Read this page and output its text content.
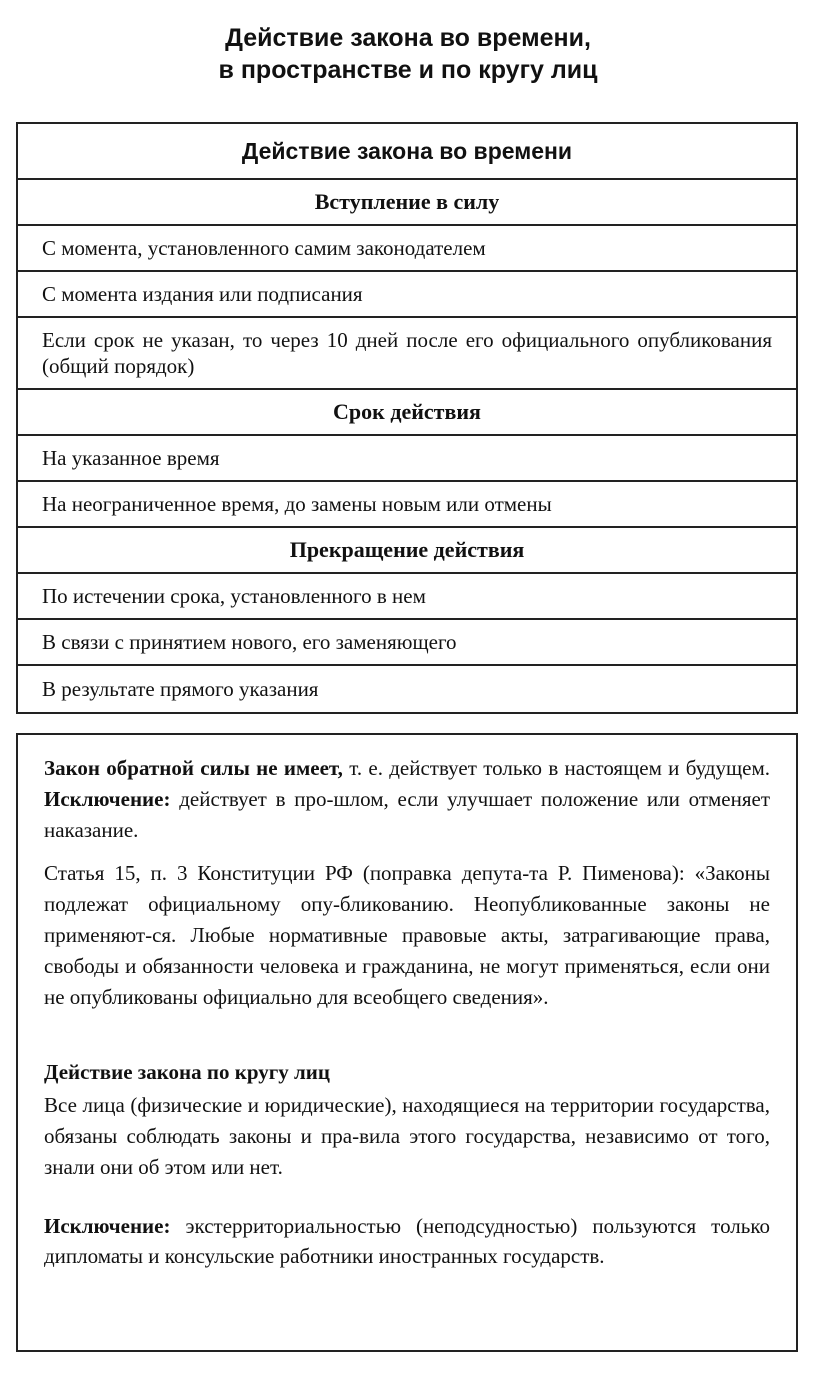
Действие закона во времени,
в пространстве и по кругу лиц
Действие закона во времени
Вступление в силу
С момента, установленного самим законодателем
С момента издания или подписания
Если срок не указан, то через 10 дней после его официального опубликования (общий порядок)
Срок действия
На указанное время
На неограниченное время, до замены новым или отмены
Прекращение действия
По истечении срока, установленного в нем
В связи с принятием нового, его заменяющего
В результате прямого указания

Закон обратной силы не имеет, т. е. действует только в настоящем и будущем. Исключение: действует в про-шлом, если улучшает положение или отменяет наказание.

Статья 15, п. 3 Конституции РФ (поправка депута-та Р. Пименова): «Законы подлежат официальному опу-бликованию. Неопубликованные законы не применяют-ся. Любые нормативные правовые акты, затрагивающие права, свободы и обязанности человека и гражданина, не могут применяться, если они не опубликованы официально для всеобщего сведения».

Действие закона по кругу лиц

Все лица (физические и юридические), находящиеся на территории государства, обязаны соблюдать законы и пра-вила этого государства, независимо от того, знали они об этом или нет.

Исключение: экстерриториальностью (неподсудностью) пользуются только дипломаты и консульские работники иностранных государств.
